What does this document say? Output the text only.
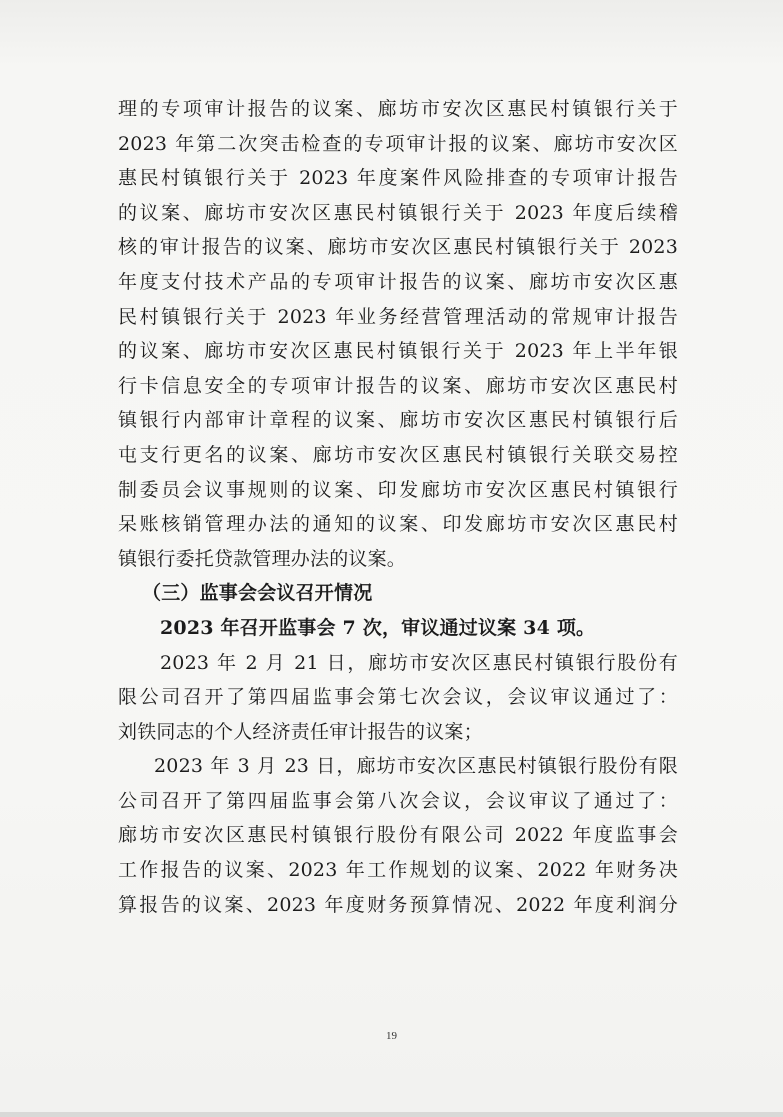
理的专项审计报告的议案、廊坊市安次区惠民村镇银行关于
2023 年第二次突击检查的专项审计报的议案、廊坊市安次区
惠民村镇银行关于 2023 年度案件风险排查的专项审计报告
的议案、廊坊市安次区惠民村镇银行关于 2023 年度后续稽
核的审计报告的议案、廊坊市安次区惠民村镇银行关于 2023
年度支付技术产品的专项审计报告的议案、廊坊市安次区惠
民村镇银行关于 2023 年业务经营管理活动的常规审计报告
的议案、廊坊市安次区惠民村镇银行关于 2023 年上半年银
行卡信息安全的专项审计报告的议案、廊坊市安次区惠民村
镇银行内部审计章程的议案、廊坊市安次区惠民村镇银行后
屯支行更名的议案、廊坊市安次区惠民村镇银行关联交易控
制委员会议事规则的议案、印发廊坊市安次区惠民村镇银行
呆账核销管理办法的通知的议案、印发廊坊市安次区惠民村
镇银行委托贷款管理办法的议案。
（三）监事会会议召开情况
2023 年召开监事会 7 次，审议通过议案 34 项。
2023 年 2 月 21 日，廊坊市安次区惠民村镇银行股份有
限公司召开了第四届监事会第七次会议，会议审议通过了：
刘铁同志的个人经济责任审计报告的议案；
2023 年 3 月 23 日，廊坊市安次区惠民村镇银行股份有限
公司召开了第四届监事会第八次会议，会议审议了通过了：
廊坊市安次区惠民村镇银行股份有限公司 2022 年度监事会
工作报告的议案、2023 年工作规划的议案、2022 年财务决
算报告的议案、2023 年度财务预算情况、2022 年度利润分
19
